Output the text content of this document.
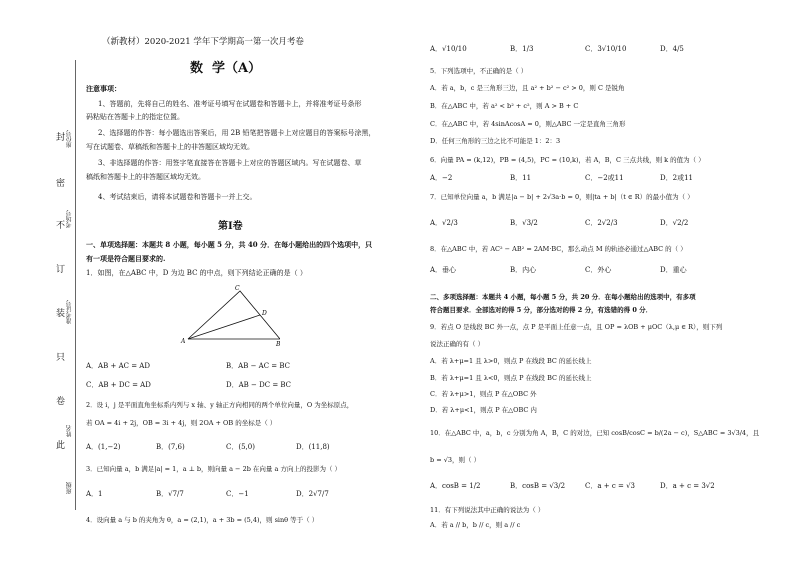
封
密
不
订
装
只
卷
此
座位号
考场号
准考证号
姓名
班级
（新教材）2020-2021 学年下学期高一第一次月考卷
数  学（A）
注意事项：
1、答题前，先将自己的姓名、准考证号填写在试题卷和答题卡上，并将准考证号条形
码粘贴在答题卡上的指定位置。
2、选择题的作答：每小题选出答案后，用 2B 铅笔把答题卡上对应题目的答案标号涂黑，
写在试题卷、草稿纸和答题卡上的非答题区域均无效。
3、非选择题的作答：用签字笔直接答在答题卡上对应的答题区域内。写在试题卷、草
稿纸和答题卡上的非答题区域均无效。
4、考试结束后，请将本试题卷和答题卡一并上交。
第Ⅰ卷
一、单项选择题：本题共 8 小题，每小题 5 分，共 40 分．在每小题给出的四个选项中，只
有一项是符合题目要求的.
1．如图，在△ABC 中，D 为边 BC 的中点，则下列结论正确的是（ ）
C
D
A	B
A．AB + AC = AD	B．AB − AC = BC
C．AB + DC = AD	D．AB − DC = BC
2．设 i，j 是平面直角坐标系内列与 x 轴、y 轴正方向相同的两个单位向量，O 为坐标原点，
若 OA = 4i + 2j，OB = 3i + 4j，则 2OA + OB 的坐标是（ ）
A．(1,−2)	B．(7,6)	C．(5,0)	D．(11,8)
3．已知向量 a，b 满足|a| = 1，a ⊥ b，则向量 a − 2b 在向量 a 方向上的投影为（ ）
A．1	B．√7/7	C．−1	D．2√7/7
4．设向量 a 与 b 的夹角为 θ，a = (2,1)，a + 3b = (5,4)，则 sinθ 等于（ ）
A．√10/10	B．1/3	C．3√10/10	D．4/5
5．下列选项中，不正确的是（ ）
A．若 a，b，c 是三角形三边，且 a² + b² − c² > 0，则 C 是锐角
B．在△ABC 中，若 a² < b² + c²，则 A > B + C
C．在△ABC 中，若 4sinAcosA = 0，则△ABC 一定是直角三角形
D．任何三角形的三边之比不可能是 1：2：3
6．向量 PA = (k,12)，PB = (4,5)，PC = (10,k)，若 A，B，C 三点共线，则 k 的值为（ ）
A．−2	B．11	C．−2或11	D．2或11
7．已知单位向量 a，b 满足|a − b| + 2√3a·b = 0，则|ta + b|（t ∈ R）的最小值为（ ）
A．√2/3	B．√3/2	C．2√2/3	D．√2/2
8．在△ABC 中，若 AC² − AB² = 2AM·BC，那么动点 M 的轨迹必通过△ABC 的（ ）
A．垂心	B．内心	C．外心	D．重心
二、多项选择题：本题共 4 小题，每小题 5 分，共 20 分．在每小题给出的选项中，有多项
符合题目要求．全部选对的得 5 分，部分选对的得 2 分，有选错的得 0 分．
9．若点 O 是线段 BC 外一点，点 P 是平面上任意一点，且 OP = λOB + μOC（λ,μ ∈ R），则下列
说法正确的有（ ）
A．若 λ+μ=1 且 λ>0，则点 P 在线段 BC 的延长线上
B．若 λ+μ=1 且 λ<0，则点 P 在线段 BC 的延长线上
C．若 λ+μ>1，则点 P 在△OBC 外
D．若 λ+μ<1，则点 P 在△OBC 内
10．在△ABC 中，a，b，c 分别为角 A，B，C 的对边，已知 cosB/cosC = b/(2a − c)，S△ABC = 3√3/4，且
b = √3，则（ ）
A．cosB = 1/2	B．cosB = √3/2	C．a + c = √3	D．a + c = 3√2
11．有下列说法其中正确的说法为（ ）
A．若 a // b，b // c，则 a // c
